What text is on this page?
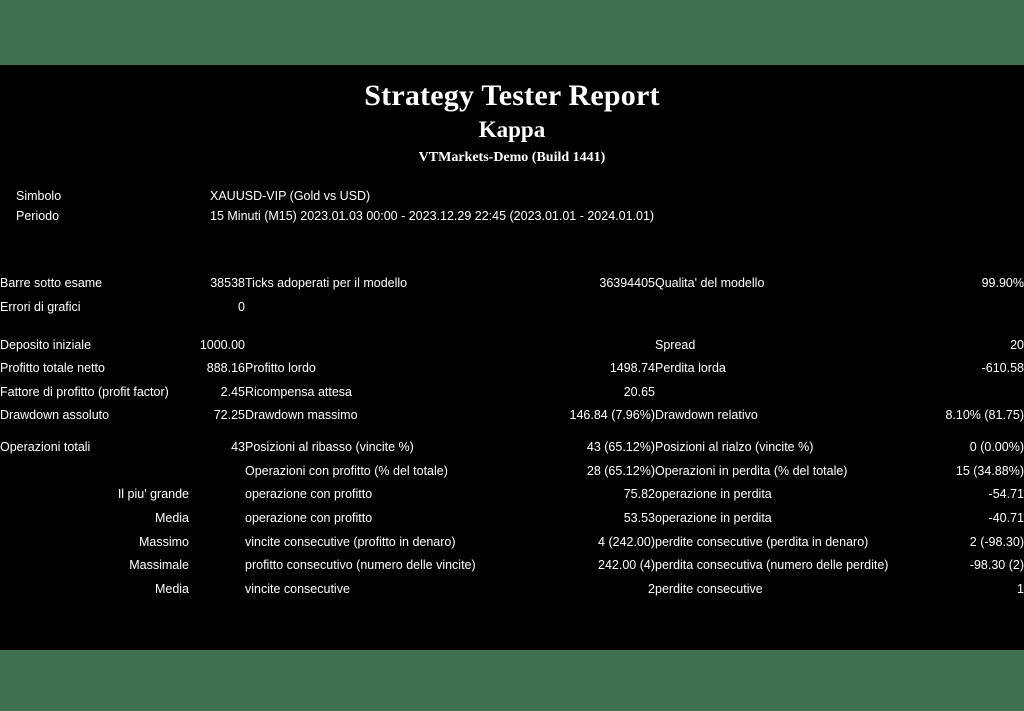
Strategy Tester Report
Kappa
VTMarkets-Demo (Build 1441)
Simbolo	XAUUSD-VIP (Gold vs USD)
Periodo	15 Minuti (M15) 2023.01.03 00:00 - 2023.12.29 22:45 (2023.01.01 - 2024.01.01)
Barre sotto esame	38538	Ticks adoperati per il modello	36394405	Qualita' del modello	99.90%
Errori di grafici	0				
Deposito iniziale	1000.00			Spread	20
Profitto totale netto	888.16	Profitto lordo	1498.74	Perdita lorda	-610.58
Fattore di profitto (profit factor)	2.45	Ricompensa attesa	20.65		
Drawdown assoluto	72.25	Drawdown massimo	146.84 (7.96%)	Drawdown relativo	8.10% (81.75)
Operazioni totali	43	Posizioni al ribasso (vincite %)	43 (65.12%)	Posizioni al rialzo (vincite %)	0 (0.00%)
		Operazioni con profitto (% del totale)	28 (65.12%)	Operazioni in perdita (% del totale)	15 (34.88%)
Il piu' grande		operazione con profitto	75.82	operazione in perdita	-54.71
Media		operazione con profitto	53.53	operazione in perdita	-40.71
Massimo		vincite consecutive (profitto in denaro)	4 (242.00)	perdite consecutive (perdita in denaro)	2 (-98.30)
Massimale		profitto consecutivo (numero delle vincite)	242.00 (4)	perdita consecutiva (numero delle perdite)	-98.30 (2)
Media		vincite consecutive	2	perdite consecutive	1
